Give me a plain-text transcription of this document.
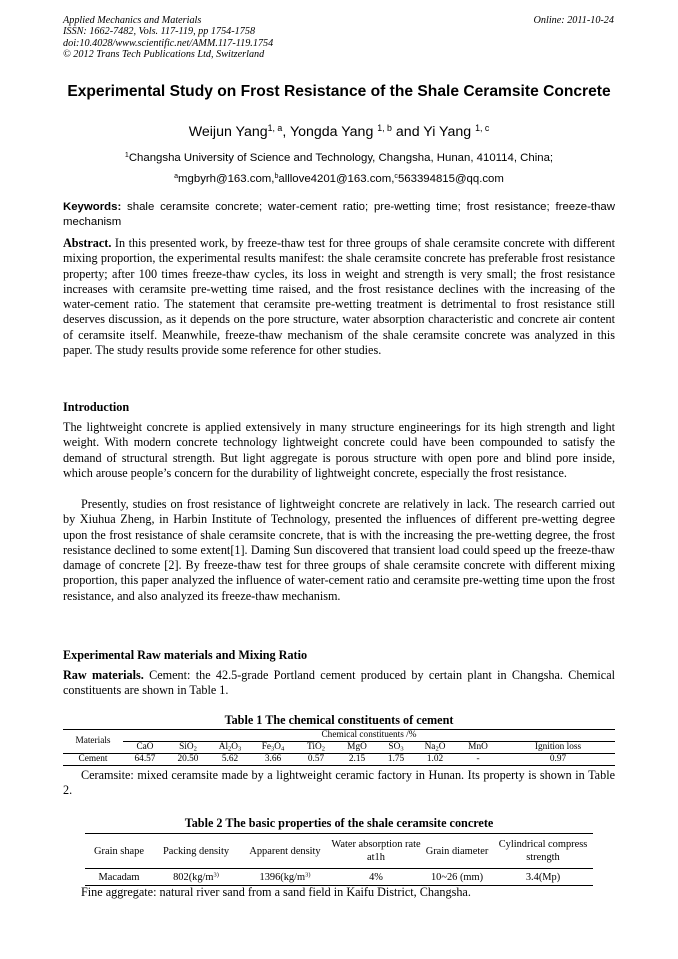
Applied Mechanics and Materials
ISSN: 1662-7482, Vols. 117-119, pp 1754-1758
doi:10.4028/www.scientific.net/AMM.117-119.1754
© 2012 Trans Tech Publications Ltd, Switzerland
Online: 2011-10-24
Experimental Study on Frost Resistance of the Shale Ceramsite Concrete
Weijun Yang$^{1, a}$, Yongda Yang $^{1, b}$ and Yi Yang $^{1, c}$
$^1$Changsha University of Science and Technology, Changsha, Hunan, 410114, China;
$^a$mgbyrh@163.com,$^b$alllove4201@163.com,$^c$563394815@qq.com
Keywords: shale ceramsite concrete; water-cement ratio; pre-wetting time; frost resistance; freeze-thaw mechanism
Abstract. In this presented work, by freeze-thaw test for three groups of shale ceramsite concrete with different mixing proportion, the experimental results manifest: the shale ceramsite concrete has preferable frost resistance property; after 100 times freeze-thaw cycles, its loss in weight and strength is very small; the frost resistance increases with ceramsite pre-wetting time raised, and the frost resistance declines with the increasing of the water-cement ratio. The statement that ceramsite pre-wetting treatment is detrimental to frost resistance still deserves discussion, as it depends on the pore structure, water absorption characteristic and concrete air content of ceramsite itself. Meanwhile, freeze-thaw mechanism of the shale ceramsite concrete was analyzed in this paper. The study results provide some reference for other studies.
Introduction
The lightweight concrete is applied extensively in many structure engineerings for its high strength and light weight. With modern concrete technology lightweight concrete could have been compounded to satisfy the demand of structural strength. But light aggregate is porous structure with open pore and blind pore inside, which arouse people’s concern for the durability of lightweight concrete, especially the frost resistance.
Presently, studies on frost resistance of lightweight concrete are relatively in lack. The research carried out by Xiuhua Zheng, in Harbin Institute of Technology, presented the influences of different pre-wetting degree upon the frost resistance of shale ceramsite concrete, that is with the increasing the pre-wetting degree, the frost resistance declined to some extent[1]. Daming Sun discovered that transient load could speed up the freeze-thaw damage of concrete [2]. By freeze-thaw test for three groups of shale ceramsite concrete with different mixing proportion, this paper analyzed the influence of water-cement ratio and ceramsite pre-wetting time upon the frost resistance, and also analyzed its freeze-thaw mechanism.
Experimental Raw materials and Mixing Ratio
Raw materials. Cement: the 42.5-grade Portland cement produced by certain plant in Changsha. Chemical constituents are shown in Table 1.
Table 1 The chemical constituents of cement
Materials	Chemical constituents /%									
	CaO	SiO$_2$	$Al_2O_3$	$Fe_3O_4$	TiO$_2$	MgO	$SO_3$	$Na_2O$	MnO	Ignition loss
Cement	64.57	20.50	5.62	3.66	0.57	2.15	1.75	1.02	-	0.97
Ceramsite: mixed ceramsite made by a lightweight ceramic factory in Hunan. Its property is shown in Table 2.
Table 2 The basic properties of the shale ceramsite concrete
Grain shape	Packing density	Apparent density	Water absorption rate at1h	Grain diameter	Cylindrical compress strength
Macadam	$802(kg/m^{3)}$	$1396(kg/m^{3)}$	4%	10~26 (mm)	3.4(Mp)
Fine aggregate: natural river sand from a sand field in Kaifu District, Changsha.
